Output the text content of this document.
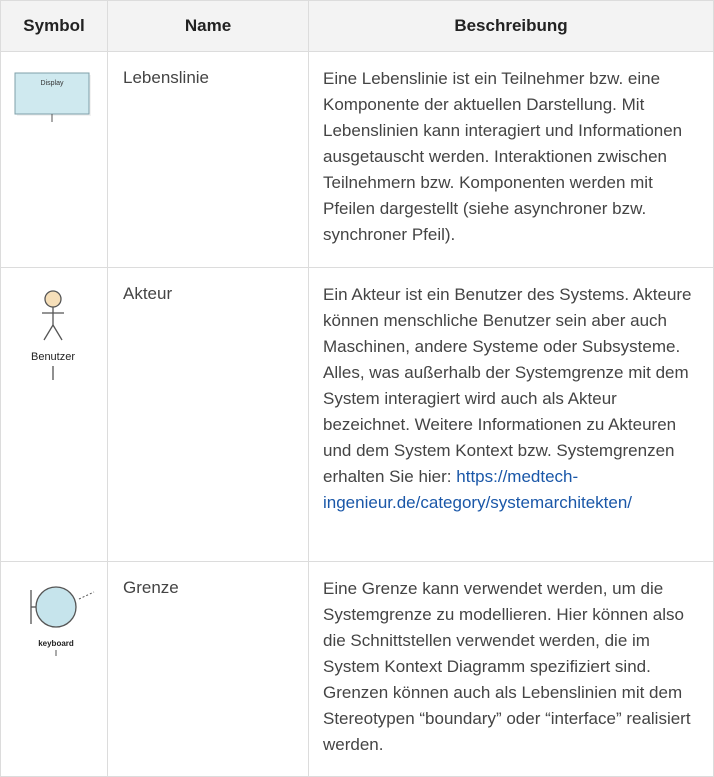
Symbol	Name	Beschreibung

Display	Lebenslinie	Eine Lebenslinie ist ein Teilnehmer bzw. eine Komponente der aktuellen Darstellung. Mit Lebenslinien kann interagiert und Informationen ausgetauscht werden. Interaktionen zwischen Teilnehmern bzw. Komponenten werden mit Pfeilen dargestellt (siehe asynchroner bzw. synchroner Pfeil).

Benutzer	Akteur	Ein Akteur ist ein Benutzer des Systems. Akteure können menschliche Benutzer sein aber auch Maschinen, andere Systeme oder Subsysteme. Alles, was außerhalb der Systemgrenze mit dem System interagiert wird auch als Akteur bezeichnet. Weitere Informationen zu Akteuren und dem System Kontext bzw. Systemgrenzen erhalten Sie hier: https://medtech-ingenieur.de/category/systemarchitekten/

keyboard	Grenze	Eine Grenze kann verwendet werden, um die Systemgrenze zu modellieren. Hier können also die Schnittstellen verwendet werden, die im System Kontext Diagramm spezifiziert sind. Grenzen können auch als Lebenslinien mit dem Stereotypen “boundary” oder “interface” realisiert werden.
